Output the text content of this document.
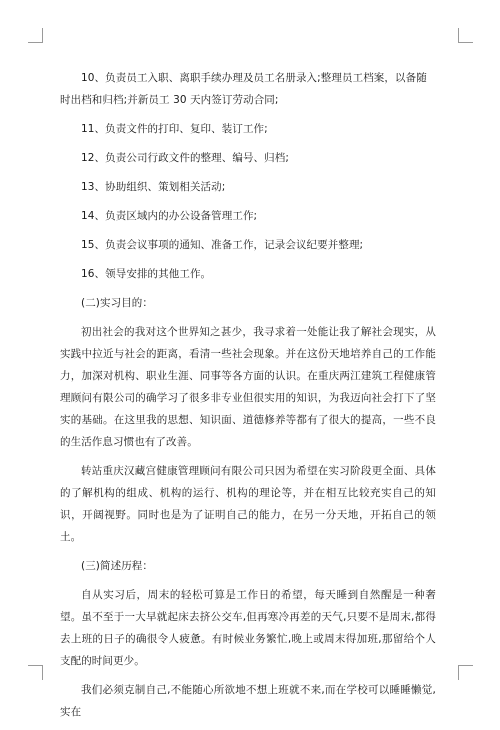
10、负责员工入职、离职手续办理及员工名册录入;整理员工档案，以备随时出档和归档;并新员工 30 天内签订劳动合同;

11、负责文件的打印、复印、装订工作;

12、负责公司行政文件的整理、编号、归档;

13、协助组织、策划相关活动;

14、负责区域内的办公设备管理工作;

15、负责会议事项的通知、准备工作，记录会议纪要并整理;

16、领导安排的其他工作。

(二)实习目的：

初出社会的我对这个世界知之甚少，我寻求着一处能让我了解社会现实，从实践中拉近与社会的距离，看清一些社会现象。并在这份天地培养自己的工作能力，加深对机构、职业生涯、同事等各方面的认识。在重庆两江建筑工程健康管理顾问有限公司的确学习了很多非专业但很实用的知识，为我迈向社会打下了坚实的基础。在这里我的思想、知识面、道德修养等都有了很大的提高，一些不良的生活作息习惯也有了改善。

转站重庆汉藏宫健康管理顾问有限公司只因为希望在实习阶段更全面、具体的了解机构的组成、机构的运行、机构的理论等，并在相互比较充实自己的知识，开阔视野。同时也是为了证明自己的能力，在另一分天地，开拓自己的领土。

(三)简述历程：

自从实习后，周末的轻松可算是工作日的希望，每天睡到自然醒是一种奢望。虽不至于一大早就起床去挤公交车,但再寒冷再差的天气,只要不是周末,都得去上班的日子的确很令人疲惫。有时候业务繁忙,晚上或周末得加班,那留给个人支配的时间更少。

我们必须克制自己,不能随心所欲地不想上班就不来,而在学校可以睡睡懒觉,实在
